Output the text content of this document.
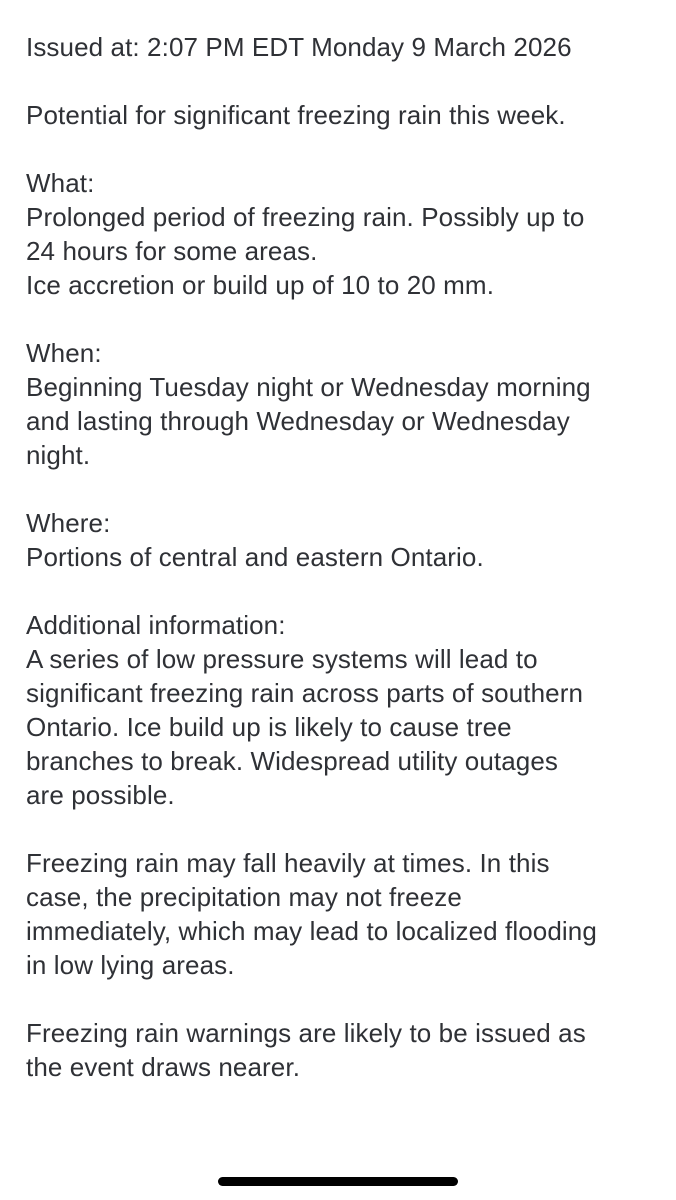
Issued at: 2:07 PM EDT Monday 9 March 2026
Potential for significant freezing rain this week.
What:
Prolonged period of freezing rain. Possibly up to
24 hours for some areas.
Ice accretion or build up of 10 to 20 mm.
When:
Beginning Tuesday night or Wednesday morning
and lasting through Wednesday or Wednesday
night.
Where:
Portions of central and eastern Ontario.
Additional information:
A series of low pressure systems will lead to
significant freezing rain across parts of southern
Ontario. Ice build up is likely to cause tree
branches to break. Widespread utility outages
are possible.
Freezing rain may fall heavily at times. In this
case, the precipitation may not freeze
immediately, which may lead to localized flooding
in low lying areas.
Freezing rain warnings are likely to be issued as
the event draws nearer.
